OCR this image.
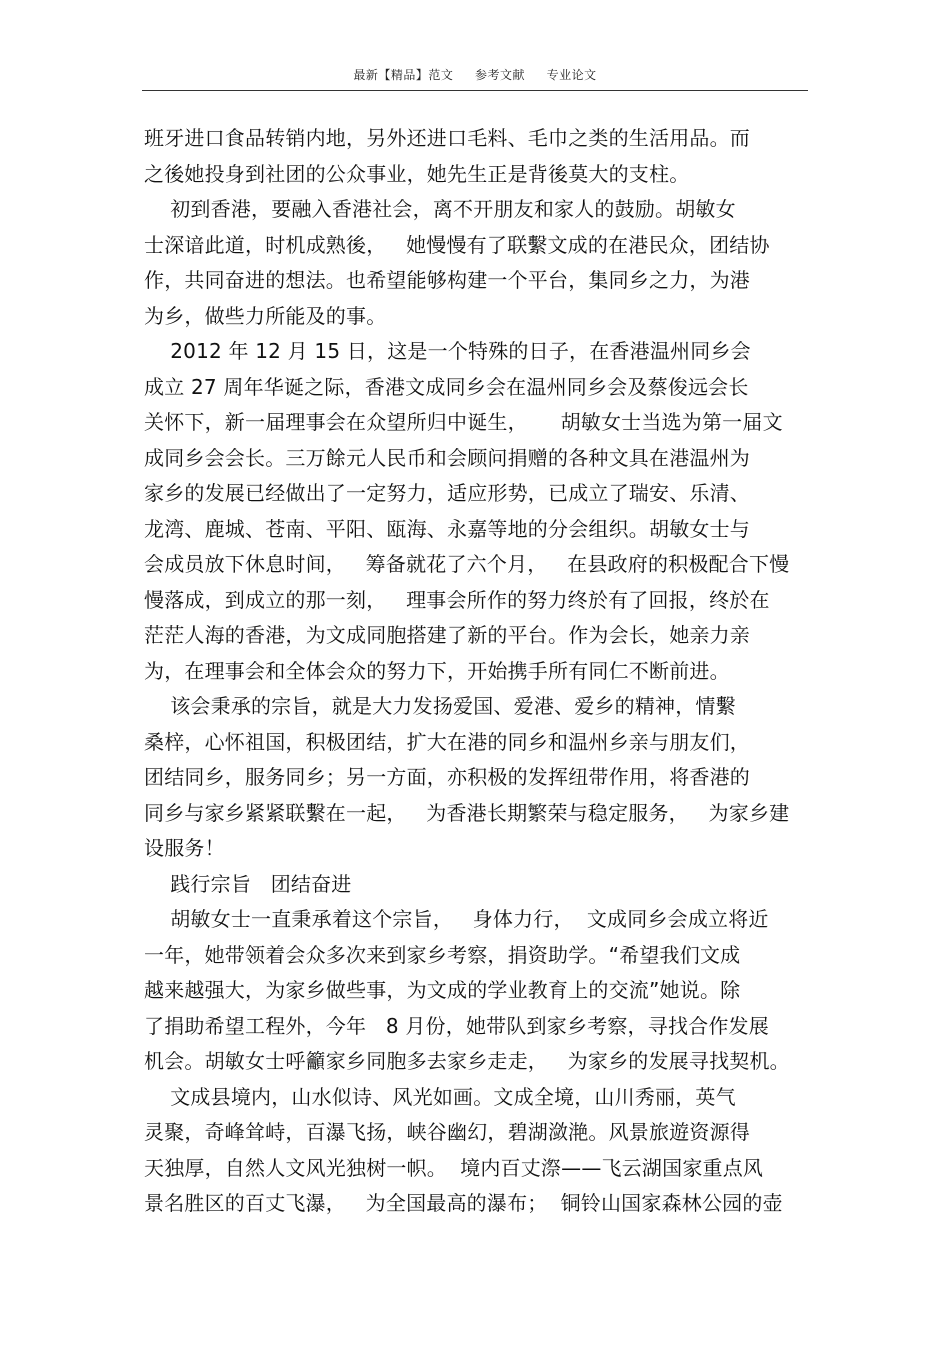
最新【精品】范文     参考文献     专业论文
班牙进口食品转销内地，另外还进口毛料、毛巾之类的生活用品。而
之後她投身到社团的公众事业，她先生正是背後莫大的支柱。
初到香港，要融入香港社会，离不开朋友和家人的鼓励。胡敏女
士深谙此道，时机成熟後，   她慢慢有了联繫文成的在港民众，团结协
作，共同奋进的想法。也希望能够构建一个平台，集同乡之力，为港
为乡，做些力所能及的事。
2012 年 12 月 15 日，这是一个特殊的日子，在香港温州同乡会
成立 27 周年华诞之际，香港文成同乡会在温州同乡会及蔡俊远会长
关怀下，新一届理事会在众望所归中诞生，     胡敏女士当选为第一届文
成同乡会会长。三万餘元人民币和会顾问捐赠的各种文具在港温州为
家乡的发展已经做出了一定努力，适应形势，已成立了瑞安、乐清、
龙湾、鹿城、苍南、平阳、瓯海、永嘉等地的分会组织。胡敏女士与
会成员放下休息时间，   筹备就花了六个月，   在县政府的积极配合下慢
慢落成，到成立的那一刻，   理事会所作的努力终於有了回报，终於在
茫茫人海的香港，为文成同胞搭建了新的平台。作为会长，她亲力亲
为，在理事会和全体会众的努力下，开始携手所有同仁不断前进。
该会秉承的宗旨，就是大力发扬爱国、爱港、爱乡的精神，情繫
桑梓，心怀祖国，积极团结，扩大在港的同乡和温州乡亲与朋友们，
团结同乡，服务同乡；另一方面，亦积极的发挥纽带作用，将香港的
同乡与家乡紧紧联繫在一起，   为香港长期繁荣与稳定服务，   为家乡建
设服务！
践行宗旨   团结奋进
胡敏女士一直秉承着这个宗旨，   身体力行，  文成同乡会成立将近
一年，她带领着会众多次来到家乡考察，捐资助学。“希望我们文成
越来越强大，为家乡做些事，为文成的学业教育上的交流”她说。除
了捐助希望工程外，今年   8 月份，她带队到家乡考察，寻找合作发展
机会。胡敏女士呼籲家乡同胞多去家乡走走，   为家乡的发展寻找契机。
文成县境内，山水似诗、风光如画。文成全境，山川秀丽，英气
灵聚，奇峰耸峙，百瀑飞扬，峡谷幽幻，碧湖潋滟。风景旅遊资源得
天独厚，自然人文风光独树一帜。  境内百丈漈——飞云湖国家重点风
景名胜区的百丈飞瀑，   为全国最高的瀑布；  铜铃山国家森林公园的壶
